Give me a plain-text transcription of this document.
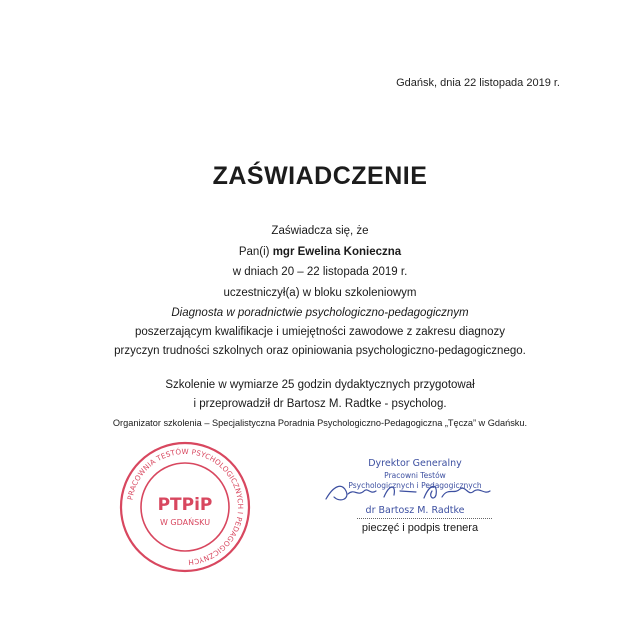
Gdańsk, dnia 22 listopada 2019 r.
ZAŚWIADCZENIE
Zaświadcza się, że
Pan(i) mgr Ewelina Konieczna
w dniach 20 – 22 listopada 2019 r.
uczestniczył(a) w bloku szkoleniowym
Diagnosta w poradnictwie psychologiczno-pedagogicznym
poszerzającym kwalifikacje i umiejętności zawodowe z zakresu diagnozy
przyczyn trudności szkolnych oraz opiniowania psychologiczno-pedagogicznego.
Szkolenie w wymiarze 25 godzin dydaktycznych przygotował
i przeprowadził dr Bartosz M. Radtke - psycholog.
Organizator szkolenia – Specjalistyczna Poradnia Psychologiczno-Pedagogiczna „Tęcza” w Gdańsku.
PRACOWNIA TESTÓW PSYCHOLOGICZNYCH I PEDAGOGICZNYCH
PTPiP
W GDAŃSKU
Dyrektor Generalny
Pracowni Testów
Psychologicznych i Pedagogicznych
dr Bartosz M. Radtke
pieczęć i podpis trenera
